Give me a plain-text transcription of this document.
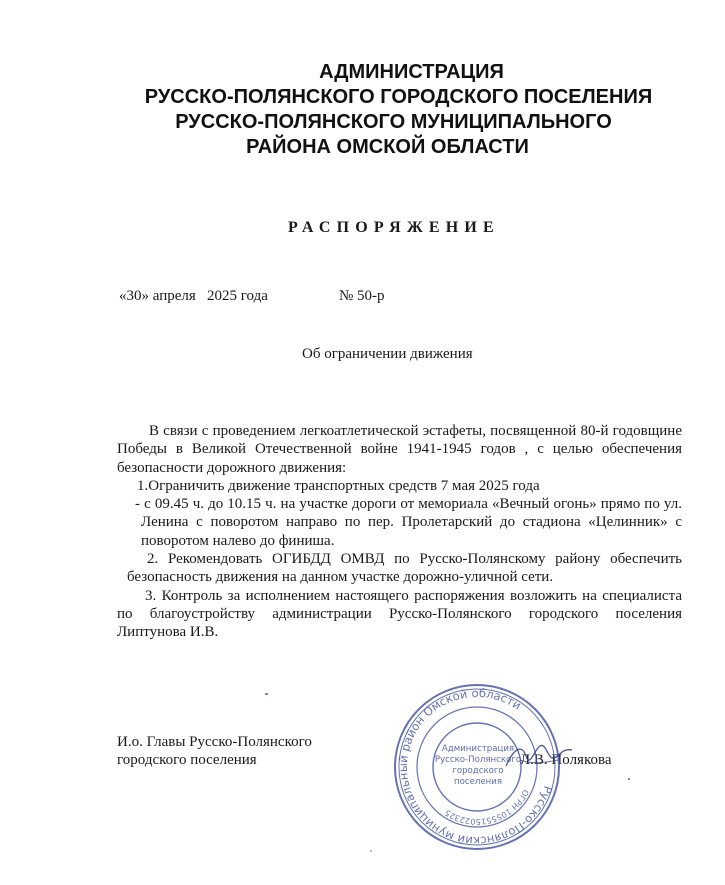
АДМИНИСТРАЦИЯ
РУССКО-ПОЛЯНСКОГО ГОРОДСКОГО ПОСЕЛЕНИЯ
РУССКО-ПОЛЯНСКОГО МУНИЦИПАЛЬНОГО
РАЙОНА ОМСКОЙ ОБЛАСТИ
РАСПОРЯЖЕНИЕ
«30» апреля   2025 года	№ 50-р
Об ограничении движения

В связи с проведением легкоатлетической эстафеты, посвященной 80-й годовщине Победы в Великой Отечественной войне 1941-1945 годов , с целью обеспечения безопасности дорожного движения:

1.Ограничить движение транспортных средств 7 мая 2025 года

- с 09.45 ч. до 10.15 ч. на участке дороги от мемориала «Вечный огонь» прямо по ул. Ленина с поворотом направо по пер. Пролетарский до стадиона «Целинник» с поворотом налево до финиша.

2. Рекомендовать ОГИБДД ОМВД по Русско-Полянскому району обеспечить безопасность движения на данном участке дорожно-уличной сети.

3. Контроль за исполнением настоящего распоряжения возложить на специалиста по благоустройству администрации Русско-Полянского городского поселения Липтунова И.В.

И.о. Главы Русско-Полянского
городского поселения	Л.В. Полякова
Русско-Полянский муниципальный район Омской области
ОГРН 1055515022325
Администрация
Русско-Полянского
городского
поселения
